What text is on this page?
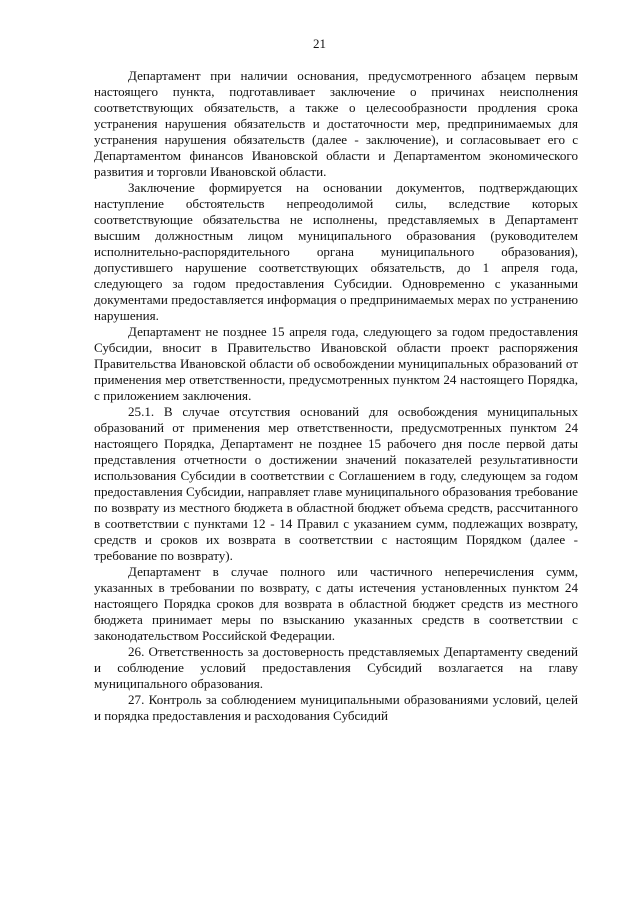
21

Департамент при наличии основания, предусмотренного абзацем первым настоящего пункта, подготавливает заключение о причинах неисполнения соответствующих обязательств, а также о целесообразности продления срока устранения нарушения обязательств и достаточности мер, предпринимаемых для устранения нарушения обязательств (далее - заключение), и согласовывает его с Департаментом финансов Ивановской области и Департаментом экономического развития и торговли Ивановской области.

Заключение формируется на основании документов, подтверждающих наступление обстоятельств непреодолимой силы, вследствие которых соответствующие обязательства не исполнены, представляемых в Департамент высшим должностным лицом муниципального образования (руководителем исполнительно-распорядительного органа муниципального образования), допустившего нарушение соответствующих обязательств, до 1 апреля года, следующего за годом предоставления Субсидии. Одновременно с указанными документами предоставляется информация о предпринимаемых мерах по устранению нарушения.

Департамент не позднее 15 апреля года, следующего за годом предоставления Субсидии, вносит в Правительство Ивановской области проект распоряжения Правительства Ивановской области об освобождении муниципальных образований от применения мер ответственности, предусмотренных пунктом 24 настоящего Порядка, с приложением заключения.

25.1. В случае отсутствия оснований для освобождения муниципальных образований от применения мер ответственности, предусмотренных пунктом 24 настоящего Порядка, Департамент не позднее 15 рабочего дня после первой даты представления отчетности о достижении значений показателей результативности использования Субсидии в соответствии с Соглашением в году, следующем за годом предоставления Субсидии, направляет главе муниципального образования требование по возврату из местного бюджета в областной бюджет объема средств, рассчитанного в соответствии с пунктами 12 - 14 Правил с указанием сумм, подлежащих возврату, средств и сроков их возврата в соответствии с настоящим Порядком (далее - требование по возврату).

Департамент в случае полного или частичного неперечисления сумм, указанных в требовании по возврату, с даты истечения установленных пунктом 24 настоящего Порядка сроков для возврата в областной бюджет средств из местного бюджета принимает меры по взысканию указанных средств в соответствии с законодательством Российской Федерации.

26. Ответственность за достоверность представляемых Департаменту сведений и соблюдение условий предоставления Субсидий возлагается на главу муниципального образования.

27. Контроль за соблюдением муниципальными образованиями условий, целей и порядка предоставления и расходования Субсидий
